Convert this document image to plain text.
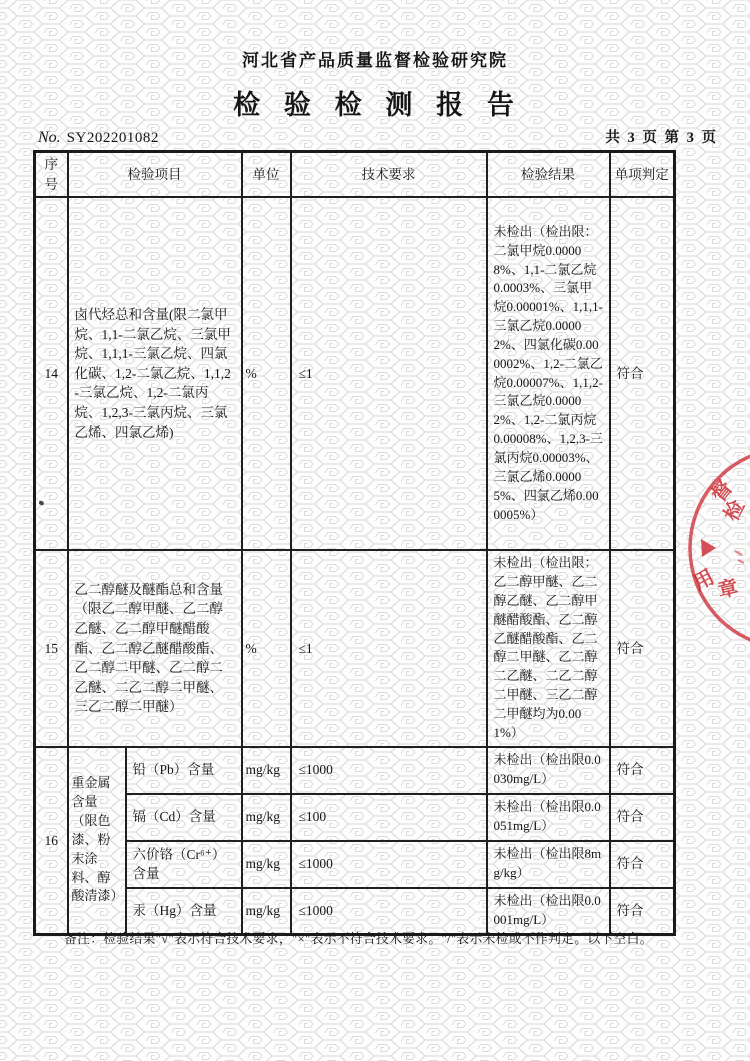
河北省产品质量监督检验研究院
检 验 检 测 报 告
No. SY202201082	共 3 页 第 3 页
序号	检验项目		单位	技术要求	检验结果	单项判定
14	卤代烃总和含量(限二氯甲烷、1,1-二氯乙烷、三氯甲烷、1,1,1-三氯乙烷、四氯化碳、1,2-二氯乙烷、1,1,2-三氯乙烷、1,2-二氯丙烷、1,2,3-三氯丙烷、三氯乙烯、四氯乙烯)		%	≤1	未检出（检出限：二氯甲烷0.00008%、1,1-二氯乙烷0.0003%、三氯甲烷0.00001%、1,1,1-三氯乙烷0.00002%、四氯化碳0.000002%、1,2-二氯乙烷0.00007%、1,1,2-三氯乙烷0.00002%、1,2-二氯丙烷0.00008%、1,2,3-三氯丙烷0.00003%、三氯乙烯0.00005%、四氯乙烯0.000005%）	符合
15	乙二醇醚及醚酯总和含量（限乙二醇甲醚、乙二醇乙醚、乙二醇甲醚醋酸酯、乙二醇乙醚醋酸酯、乙二醇二甲醚、乙二醇二乙醚、二乙二醇二甲醚、三乙二醇二甲醚）		%	≤1	未检出（检出限：乙二醇甲醚、乙二醇乙醚、乙二醇甲醚醋酸酯、乙二醇乙醚醋酸酯、乙二醇二甲醚、乙二醇二乙醚、二乙二醇二甲醚、三乙二醇二甲醚均为0.001%）	符合
16	重金属含量（限色漆、粉末涂料、醇酸清漆）	铅（Pb）含量	mg/kg	≤1000	未检出（检出限0.0030mg/L）	符合
		镉（Cd）含量	mg/kg	≤100	未检出（检出限0.0051mg/L）	符合
		六价铬（Cr⁶⁺）含量	mg/kg	≤1000	未检出（检出限8mg/kg）	符合
		汞（Hg）含量	mg/kg	≤1000	未检出（检出限0.0001mg/L）	符合
备注：检验结果"√"表示符合技术要求，"×"表示不符合技术要求。"/"表示未检或不作判定。以下空白。
督
检
用
章
